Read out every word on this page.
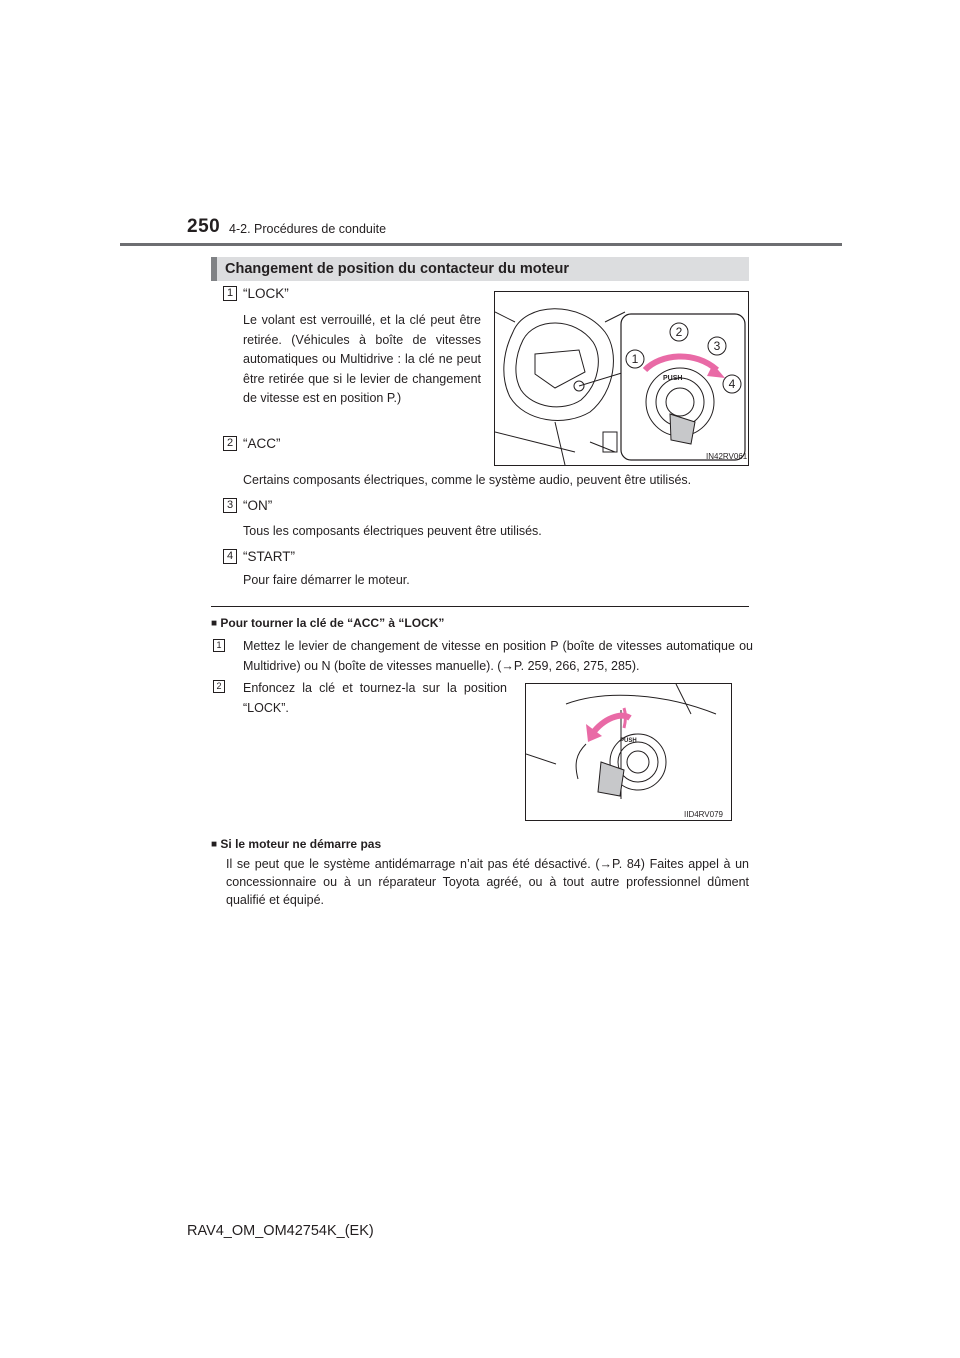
250 4-2. Procédures de conduite
Changement de position du contacteur du moteur
1 “LOCK”
Le volant est verrouillé, et la clé peut être retirée. (Véhicules à boîte de vitesses automatiques ou Multidrive : la clé ne peut être retirée que si le levier de changement de vitesse est en position P.)
2 “ACC”
Certains composants électriques, comme le système audio, peuvent être utilisés.
3 “ON”
Tous les composants électriques peuvent être utilisés.
4 “START”
Pour faire démarrer le moteur.
PUSH
1
2
3
4
IN42RV061
■ Pour tourner la clé de “ACC” à “LOCK”
1 Mettez le levier de changement de vitesse en position P (boîte de vitesses automatique ou Multidrive) ou N (boîte de vitesses manuelle). (→P. 259, 266, 275, 285).
2 Enfoncez la clé et tournez-la sur la position “LOCK”.
PUSH
IID4RV079
■ Si le moteur ne démarre pas
Il se peut que le système antidémarrage n’ait pas été désactivé. (→P. 84) Faites appel à un concessionnaire ou à un réparateur Toyota agréé, ou à tout autre professionnel dûment qualifié et équipé.
RAV4_OM_OM42754K_(EK)
